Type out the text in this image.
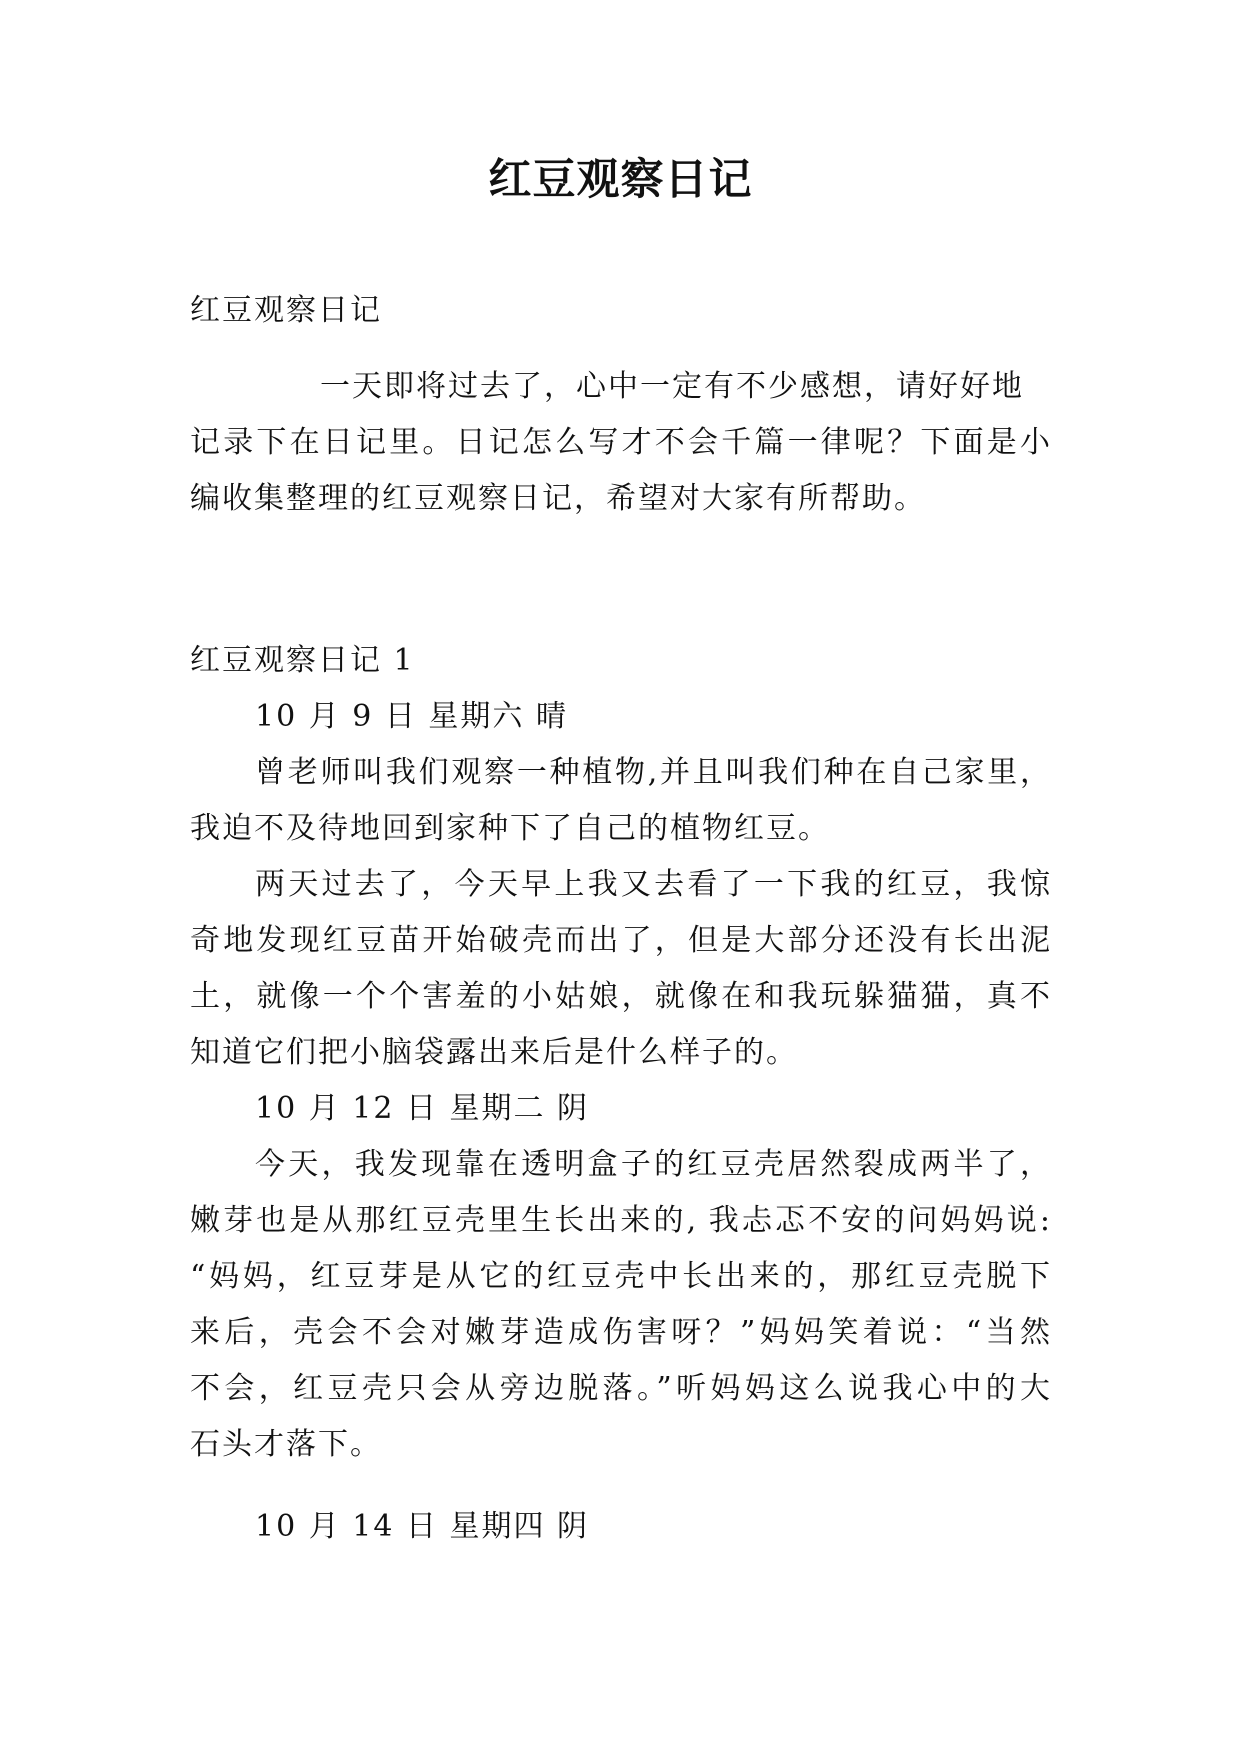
红豆观察日记
红豆观察日记
一天即将过去了，心中一定有不少感想，请好好地
记录下在日记里。日记怎么写才不会千篇一律呢？下面是小
编收集整理的红豆观察日记，希望对大家有所帮助。
红豆观察日记 1
10 月 9 日 星期六 晴
曾老师叫我们观察一种植物,并且叫我们种在自己家里，
我迫不及待地回到家种下了自己的植物红豆。
两天过去了，今天早上我又去看了一下我的红豆，我惊
奇地发现红豆苗开始破壳而出了，但是大部分还没有长出泥
土，就像一个个害羞的小姑娘，就像在和我玩躲猫猫，真不
知道它们把小脑袋露出来后是什么样子的。
10 月 12 日 星期二 阴
今天，我发现靠在透明盒子的红豆壳居然裂成两半了，
嫩芽也是从那红豆壳里生长出来的, 我忐忑不安的问妈妈说:
“妈妈，红豆芽是从它的红豆壳中长出来的，那红豆壳脱下
来后，壳会不会对嫩芽造成伤害呀？”妈妈笑着说：“当然
不会，红豆壳只会从旁边脱落。”听妈妈这么说我心中的大
石头才落下。
10 月 14 日 星期四 阴
